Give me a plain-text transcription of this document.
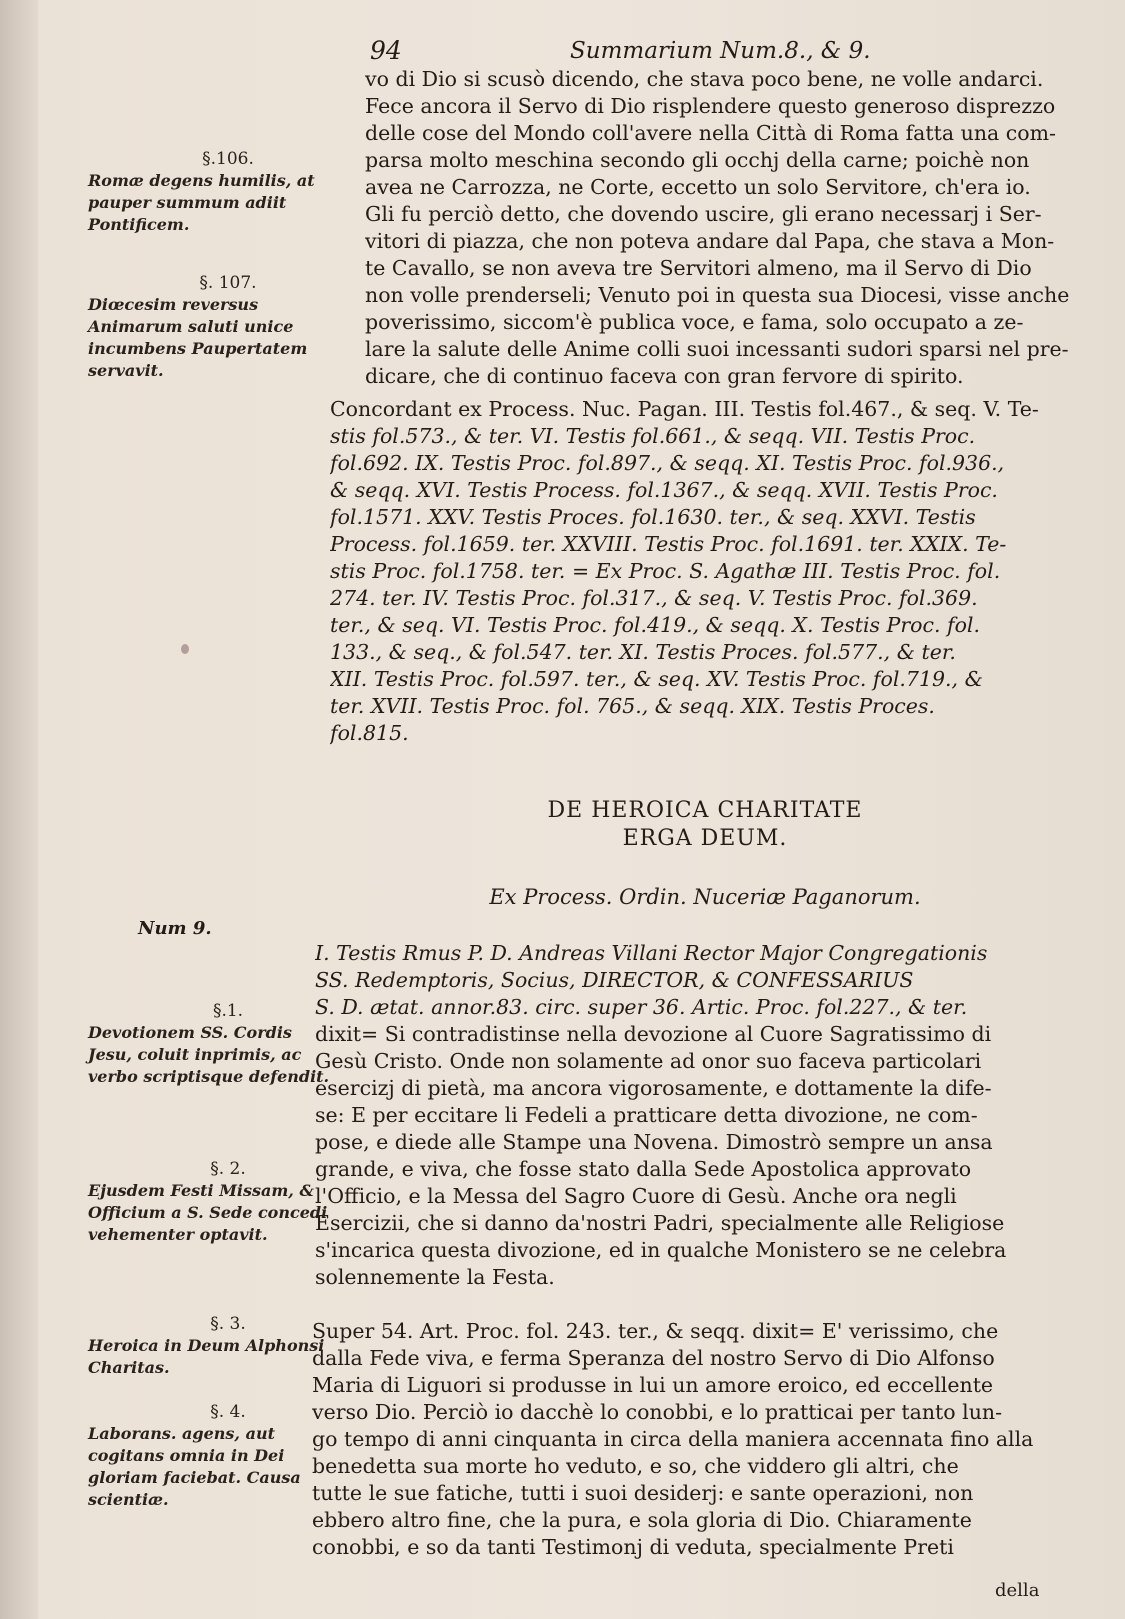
94	Summarium Num.8., & 9.
vo di Dio si scusò dicendo, che stava poco bene, ne volle andarci.
Fece ancora il Servo di Dio risplendere questo generoso disprezzo
delle cose del Mondo coll'avere nella Città di Roma fatta una com-
parsa molto meschina secondo gli occhj della carne; poichè non
avea ne Carrozza, ne Corte, eccetto un solo Servitore, ch'era io.
Gli fu perciò detto, che dovendo uscire, gli erano necessarj i Ser-
vitori di piazza, che non poteva andare dal Papa, che stava a Mon-
te Cavallo, se non aveva tre Servitori almeno, ma il Servo di Dio
non volle prenderseli; Venuto poi in questa sua Diocesi, visse anche
poverissimo, siccom'è publica voce, e fama, solo occupato a ze-
lare la salute delle Anime colli suoi incessanti sudori sparsi nel pre-
dicare, che di continuo faceva con gran fervore di spirito.
Concordant ex Process. Nuc. Pagan. III. Testis fol.467., & seq. V. Te-
stis fol.573., & ter. VI. Testis fol.661., & seqq. VII. Testis Proc.
fol.692. IX. Testis Proc. fol.897., & seqq. XI. Testis Proc. fol.936.,
& seqq. XVI. Testis Process. fol.1367., & seqq. XVII. Testis Proc.
fol.1571. XXV. Testis Proces. fol.1630. ter., & seq. XXVI. Testis
Process. fol.1659. ter. XXVIII. Testis Proc. fol.1691. ter. XXIX. Te-
stis Proc. fol.1758. ter. = Ex Proc. S. Agathæ III. Testis Proc. fol.
274. ter. IV. Testis Proc. fol.317., & seq. V. Testis Proc. fol.369.
ter., & seq. VI. Testis Proc. fol.419., & seqq. X. Testis Proc. fol.
133., & seq., & fol.547. ter. XI. Testis Proces. fol.577., & ter.
XII. Testis Proc. fol.597. ter., & seq. XV. Testis Proc. fol.719., &
ter. XVII. Testis Proc. fol. 765., & seqq. XIX. Testis Proces.
fol.815.
DE HEROICA CHARITATE
ERGA DEUM.
Ex Process. Ordin. Nuceriæ Paganorum.
Num 9.
I. Testis Rmus P. D. Andreas Villani Rector Major Congregationis
SS. Redemptoris, Socius, DIRECTOR, & CONFESSARIUS
S. D. ætat. annor.83. circ. super 36. Artic. Proc. fol.227., & ter.
dixit= Si contradistinse nella devozione al Cuore Sagratissimo di
Gesù Cristo. Onde non solamente ad onor suo faceva particolari
esercizj di pietà, ma ancora vigorosamente, e dottamente la dife-
se: E per eccitare li Fedeli a pratticare detta divozione, ne com-
pose, e diede alle Stampe una Novena. Dimostrò sempre un ansa
grande, e viva, che fosse stato dalla Sede Apostolica approvato
l'Officio, e la Messa del Sagro Cuore di Gesù. Anche ora negli
Esercizii, che si danno da'nostri Padri, specialmente alle Religiose
s'incarica questa divozione, ed in qualche Monistero se ne celebra
solennemente la Festa.
Super 54. Art. Proc. fol. 243. ter., & seqq. dixit= E' verissimo, che
dalla Fede viva, e ferma Speranza del nostro Servo di Dio Alfonso
Maria di Liguori si produsse in lui un amore eroico, ed eccellente
verso Dio. Perciò io dacchè lo conobbi, e lo pratticai per tanto lun-
go tempo di anni cinquanta in circa della maniera accennata fino alla
benedetta sua morte ho veduto, e so, che viddero gli altri, che
tutte le sue fatiche, tutti i suoi desiderj: e sante operazioni, non
ebbero altro fine, che la pura, e sola gloria di Dio. Chiaramente
conobbi, e so da tanti Testimonj di veduta, specialmente Preti
della
§.106.
Romæ degens humilis, at pauper summum adiit Pontificem.
§. 107.
Diœcesim reversus Animarum saluti unice incumbens Paupertatem servavit.
§.1.
Devotionem SS. Cordis Jesu, coluit inprimis, ac verbo scriptisque defendit.
§. 2.
Ejusdem Festi Missam, & Officium a S. Sede concedi vehementer optavit.
§. 3.
Heroica in Deum Alphonsi Charitas.
§. 4.
Laborans. agens, aut cogitans omnia in Dei gloriam faciebat. Causa scientiæ.
